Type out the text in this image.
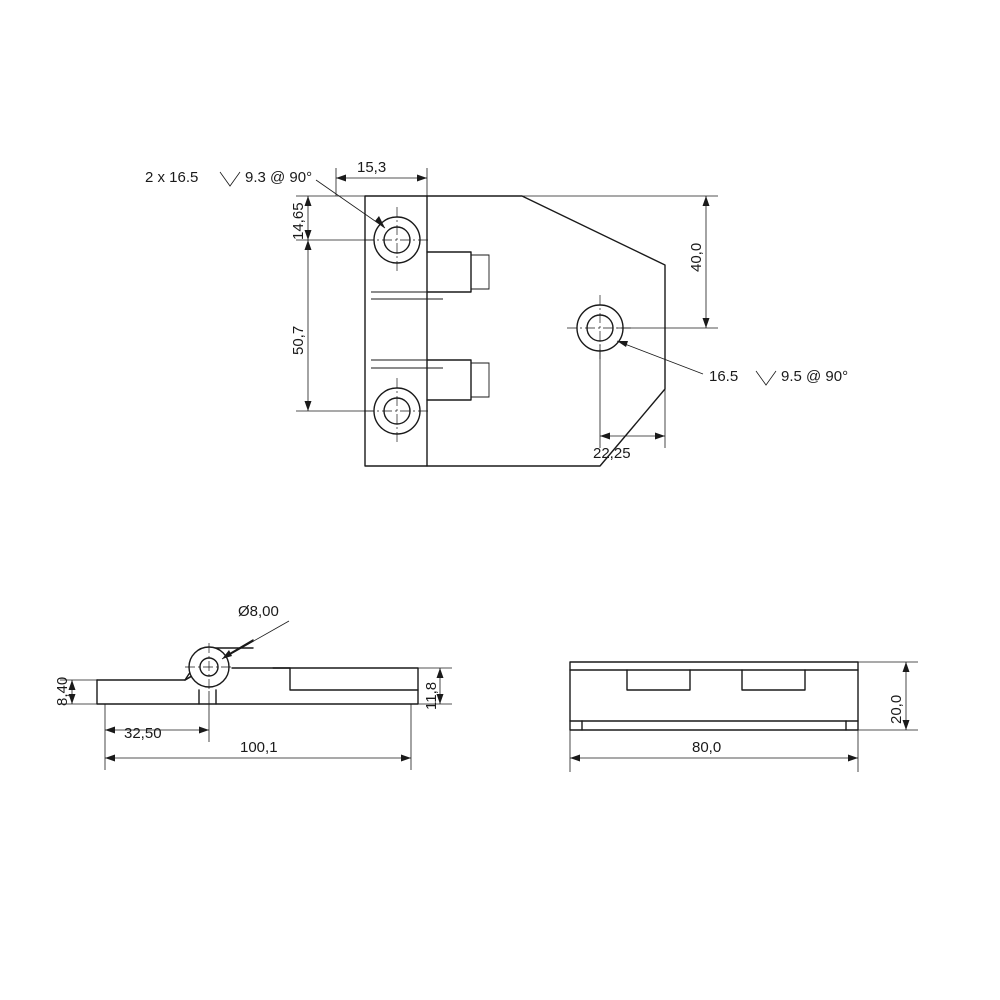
2 x 16.5	9.3 @ 90°
16.5	9.5 @ 90°
15,3
14,65
50,7
40,0
22,25
Ø8,00
8,40	11,8
32,50
100,1
20,0
80,0
